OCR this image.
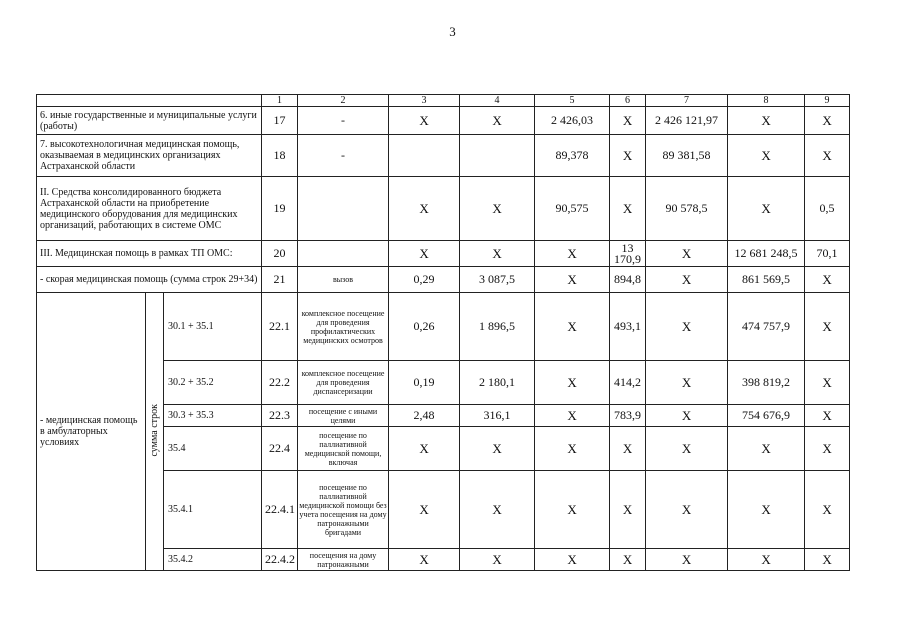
3
			1	2	3	4	5	6	7	8	9
6. иные государственные и муниципальные услуги (работы)			17	-	X	X	2 426,03	X	2 426 121,97	X	X
7. высокотехнологичная медицинская помощь, оказываемая в медицинских организациях Астраханской области			18	-			89,378	X	89 381,58	X	X
II. Средства консолидированного бюджета Астраханской области на приобретение медицинского оборудования для медицинских организаций, работающих в системе ОМС			19		X	X	90,575	X	90 578,5	X	0,5
III. Медицинская помощь в рамках ТП ОМС:			20		X	X	X	13 170,9	X	12 681 248,5	70,1
- скорая медицинская помощь (сумма строк 29+34)			21	вызов	0,29	3 087,5	X	894,8	X	861 569,5	X
- медицинская помощь в амбулаторных условиях	сумма строк	30.1 + 35.1	22.1	комплексное посещение для проведения профилактических медицинских осмотров	0,26	1 896,5	X	493,1	X	474 757,9	X
		30.2 + 35.2	22.2	комплексное посещение для проведения диспансеризации	0,19	2 180,1	X	414,2	X	398 819,2	X
		30.3 + 35.3	22.3	посещение с иными целями	2,48	316,1	X	783,9	X	754 676,9	X
		35.4	22.4	посещение по паллиативной медицинской помощи, включая	X	X	X	X	X	X	X
		35.4.1	22.4.1	посещение по паллиативной медицинской помощи без учета посещения на дому патронажными бригадами	X	X	X	X	X	X	X
		35.4.2	22.4.2	посещения на дому патронажными	X	X	X	X	X	X	X
